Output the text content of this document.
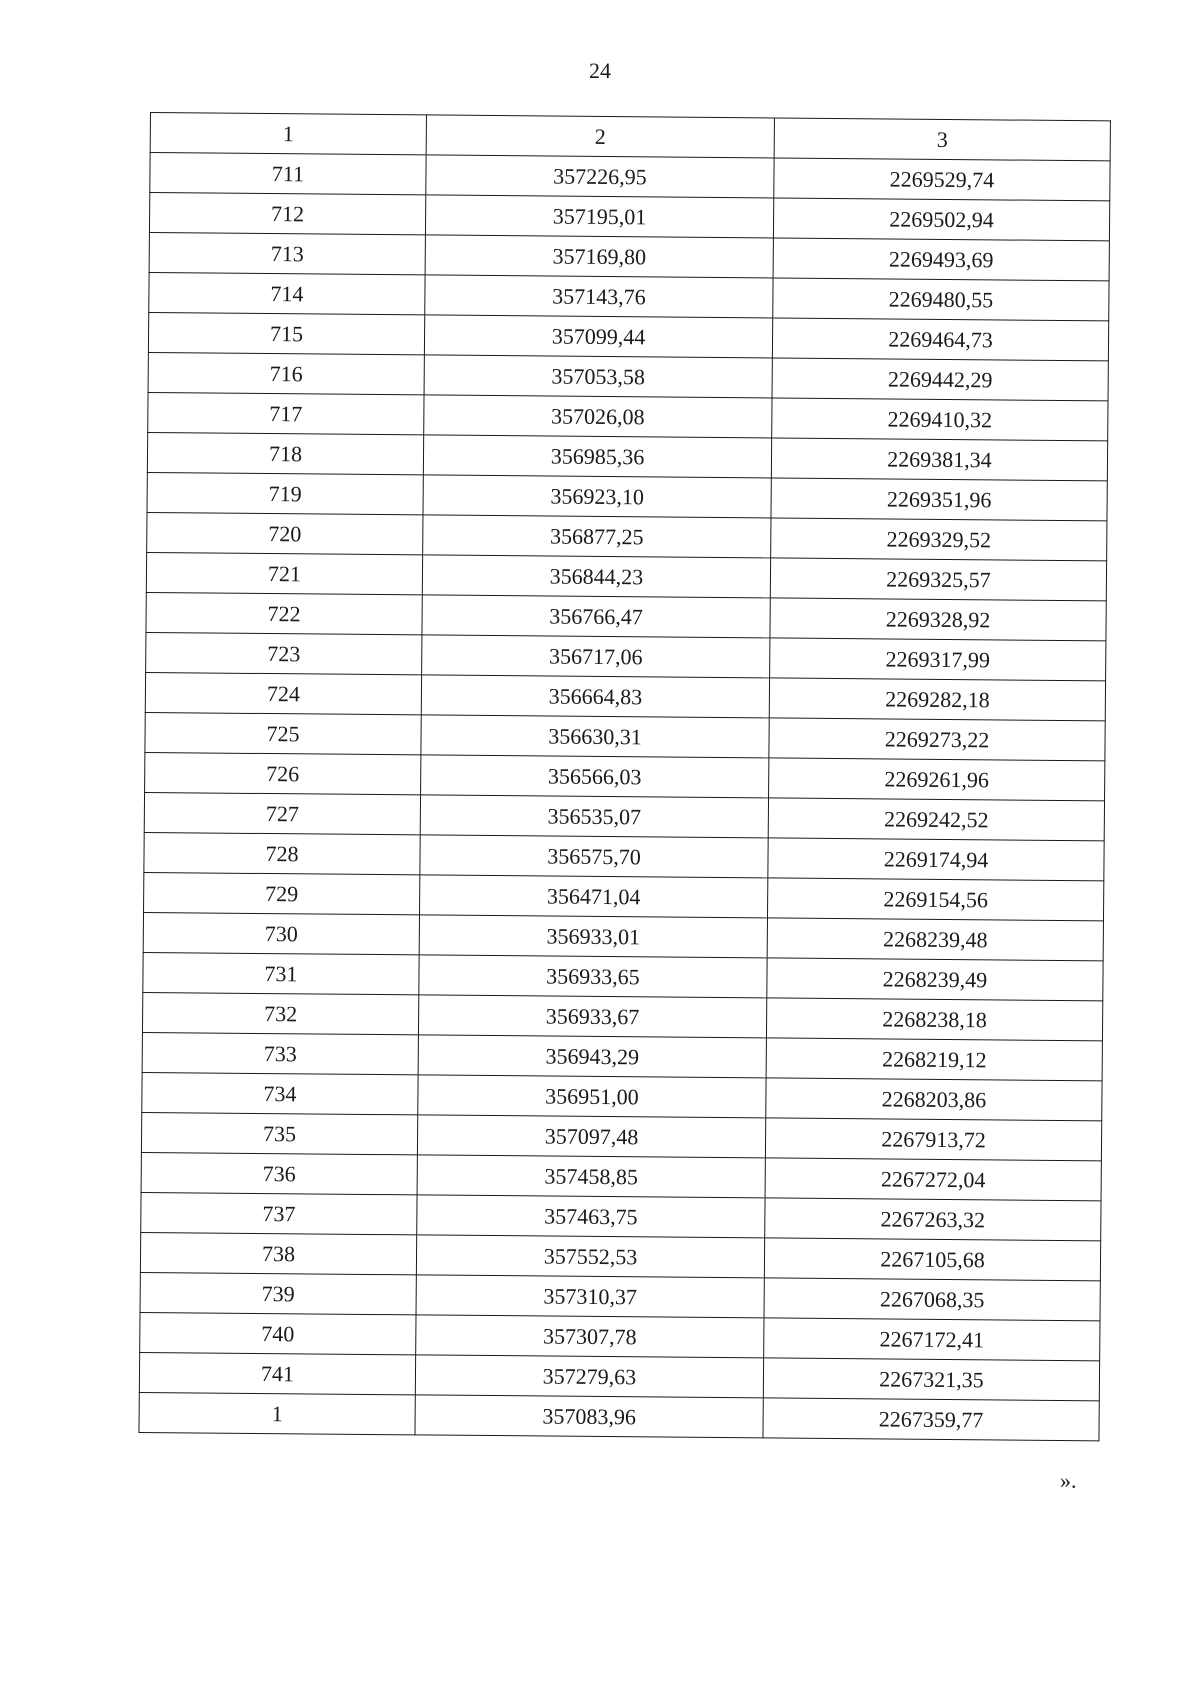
24
1	2	3
711	357226,95	2269529,74
712	357195,01	2269502,94
713	357169,80	2269493,69
714	357143,76	2269480,55
715	357099,44	2269464,73
716	357053,58	2269442,29
717	357026,08	2269410,32
718	356985,36	2269381,34
719	356923,10	2269351,96
720	356877,25	2269329,52
721	356844,23	2269325,57
722	356766,47	2269328,92
723	356717,06	2269317,99
724	356664,83	2269282,18
725	356630,31	2269273,22
726	356566,03	2269261,96
727	356535,07	2269242,52
728	356575,70	2269174,94
729	356471,04	2269154,56
730	356933,01	2268239,48
731	356933,65	2268239,49
732	356933,67	2268238,18
733	356943,29	2268219,12
734	356951,00	2268203,86
735	357097,48	2267913,72
736	357458,85	2267272,04
737	357463,75	2267263,32
738	357552,53	2267105,68
739	357310,37	2267068,35
740	357307,78	2267172,41
741	357279,63	2267321,35
1	357083,96	2267359,77
».
